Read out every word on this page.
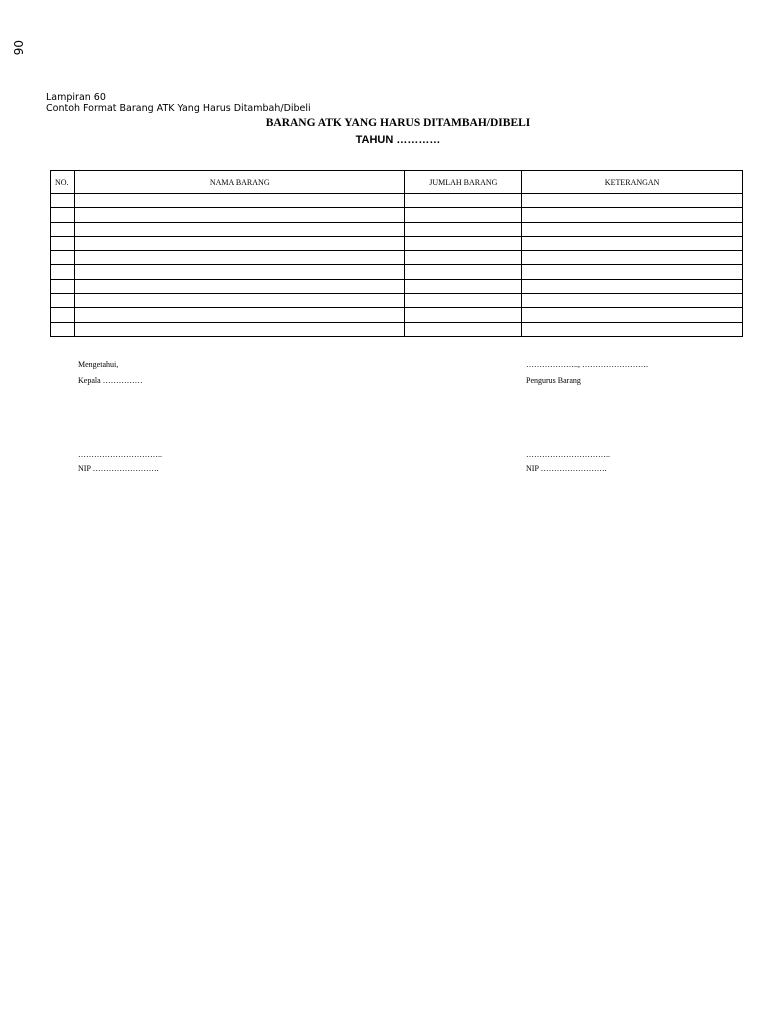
06
Lampiran 60
Contoh Format Barang ATK Yang Harus Ditambah/Dibeli
BARANG ATK YANG HARUS DITAMBAH/DIBELI
TAHUN …………
NO.	NAMA BARANG	JUMLAH BARANG	KETERANGAN

Mengetahui,
Kepala ……………
…………………………..
NIP …………………….
……………….., …………………….
Pengurus Barang
…………………………..
NIP …………………….
